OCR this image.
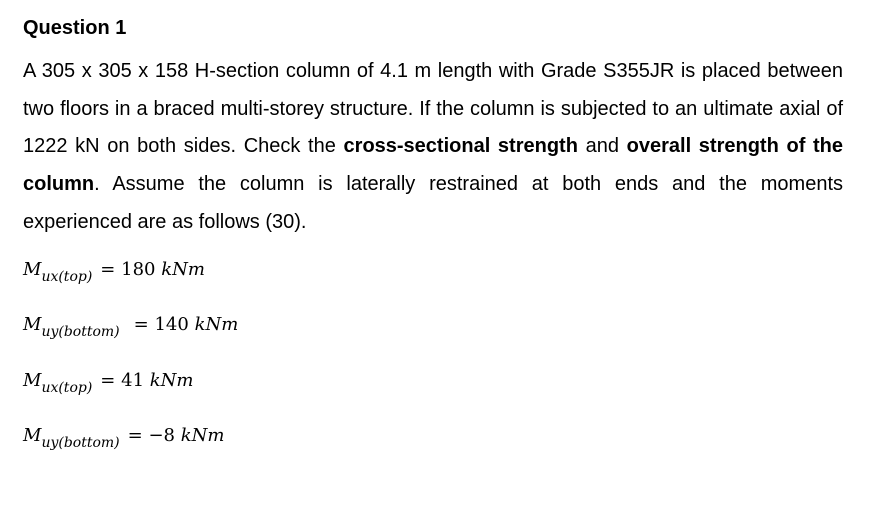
Question 1

A 305 x 305 x 158 H-section column of 4.1 m length with Grade S355JR is placed between two floors in a braced multi-storey structure. If the column is subjected to an ultimate axial of 1222 kN on both sides. Check the cross-sectional strength and overall strength of the column. Assume the column is laterally restrained at both ends and the moments experienced are as follows (30).

$M_{ux(top)} = 180$ kNm
$M_{uy(bottom)} = 140$ kNm
$M_{ux(top)} = 41$ kNm
$M_{uy(bottom)} = -8$ kNm
